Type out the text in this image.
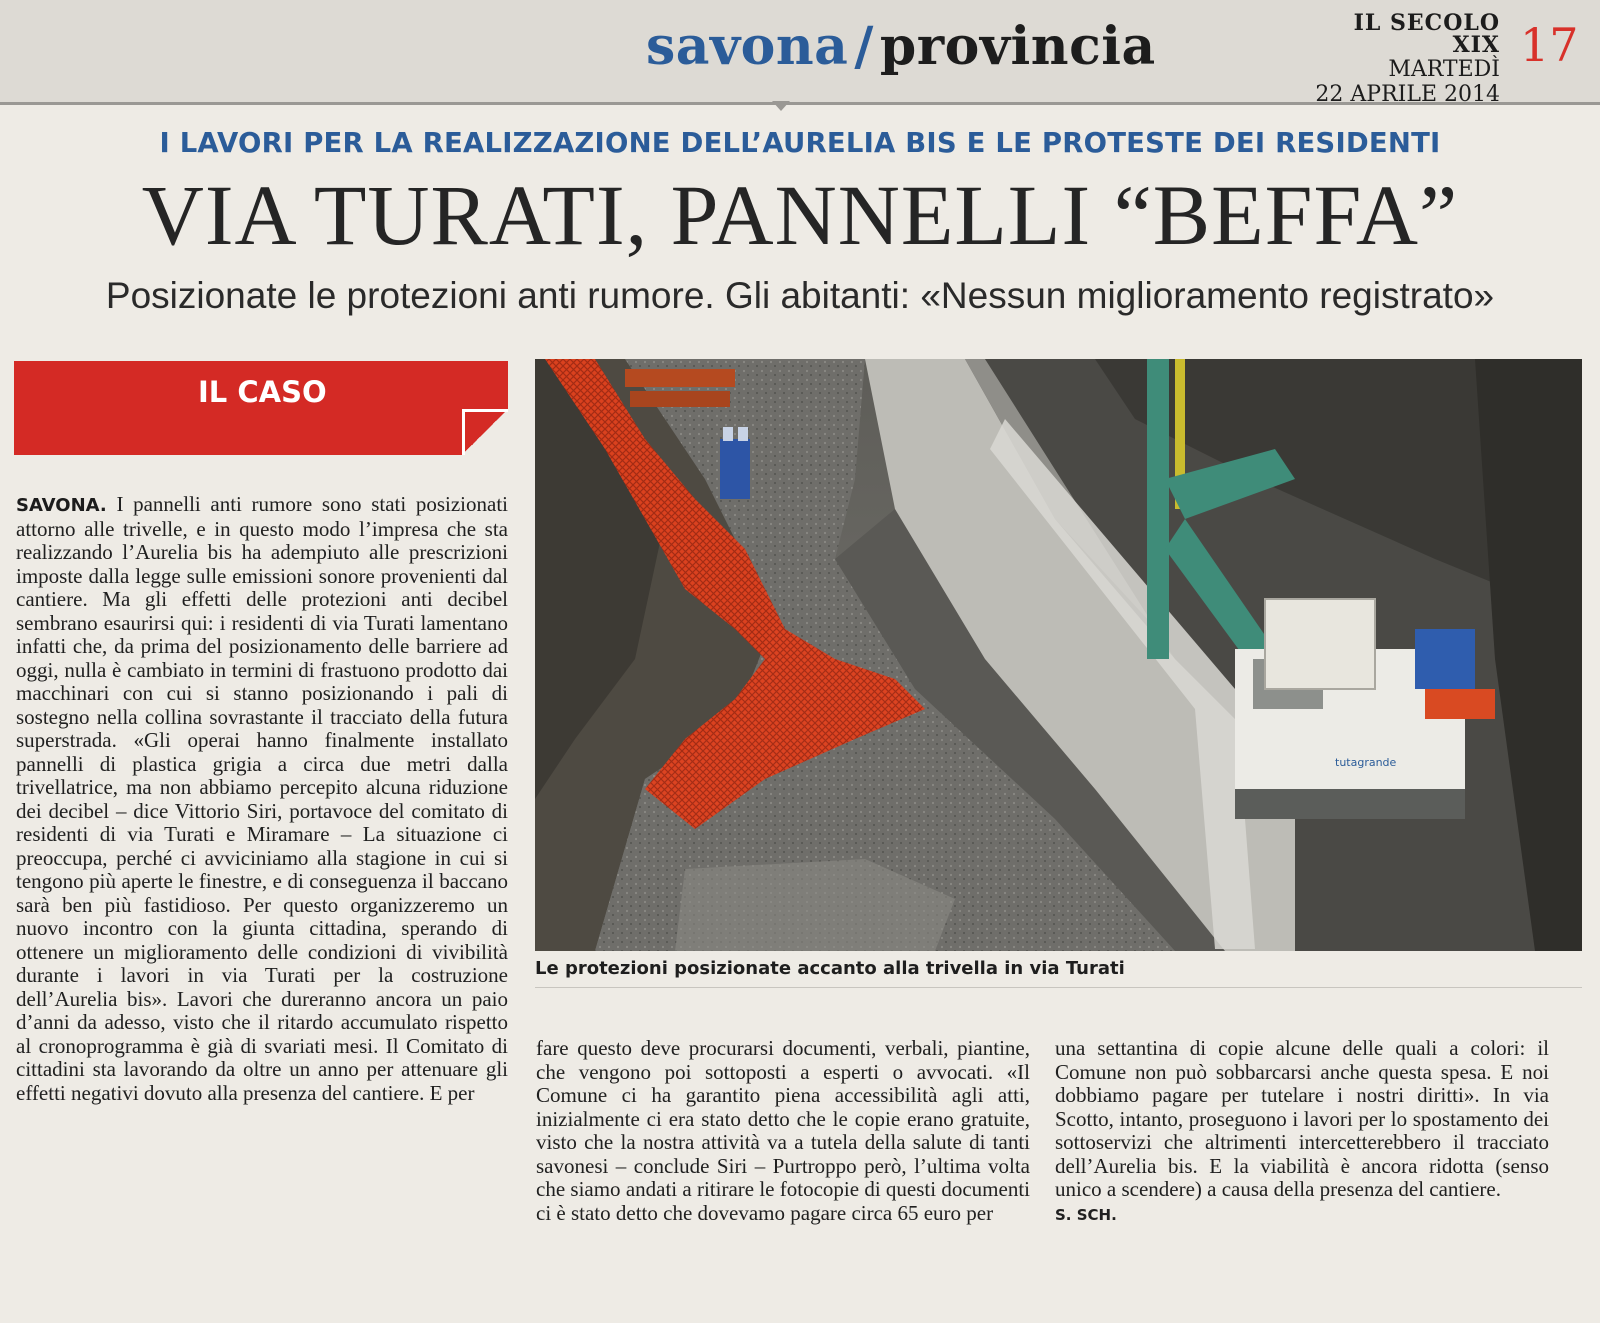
savona / provincia	IL SECOLO XIX
MARTEDÌ
22 APRILE 2014
17
I LAVORI PER LA REALIZZAZIONE DELL’AURELIA BIS E LE PROTESTE DEI RESIDENTI
VIA TURATI, PANNELLI “BEFFA”
Posizionate le protezioni anti rumore. Gli abitanti: «Nessun miglioramento registrato»
IL CASO
SAVONA. I pannelli anti rumore sono stati posizionati attorno alle trivelle, e in questo modo l’impresa che sta realizzando l’Aurelia bis ha adempiuto alle prescrizioni imposte dalla legge sulle emissioni sonore provenienti dal cantiere. Ma gli effetti delle protezioni anti decibel sembrano esaurirsi qui: i residenti di via Turati lamentano infatti che, da prima del posizionamento delle barriere ad oggi, nulla è cambiato in termini di frastuono prodotto dai macchinari con cui si stanno posizionando i pali di sostegno nella collina sovrastante il tracciato della futura superstrada. «Gli operai hanno finalmente installato pannelli di plastica grigia a circa due metri dalla trivellatrice, ma non abbiamo percepito alcuna riduzione dei decibel – dice Vittorio Siri, portavoce del comitato di residenti di via Turati e Miramare – La situazione ci preoccupa, perché ci avviciniamo alla stagione in cui si tengono più aperte le finestre, e di conseguenza il baccano sarà ben più fastidioso. Per questo organizzeremo un nuovo incontro con la giunta cittadina, sperando di ottenere un miglioramento delle condizioni di vivibilità durante i lavori in via Turati per la costruzione dell’Aurelia bis». Lavori che dureranno ancora un paio d’anni da adesso, visto che il ritardo accumulato rispetto al cronoprogramma è già di svariati mesi. Il Comitato di cittadini sta lavorando da oltre un anno per attenuare gli effetti negativi dovuto alla presenza del cantiere. E per
tutagrande
Le protezioni posizionate accanto alla trivella in via Turati
fare questo deve procurarsi documenti, verbali, piantine, che vengono poi sottoposti a esperti o avvocati. «Il Comune ci ha garantito piena accessibilità agli atti, inizialmente ci era stato detto che le copie erano gratuite, visto che la nostra attività va a tutela della salute di tanti savonesi – conclude Siri – Purtroppo però, l’ultima volta che siamo andati a ritirare le fotocopie di questi documenti ci è stato detto che dovevamo pagare circa 65 euro per
una settantina di copie alcune delle quali a colori: il Comune non può sobbarcarsi anche questa spesa. E noi dobbiamo pagare per tutelare i nostri diritti». In via Scotto, intanto, proseguono i lavori per lo spostamento dei sottoservizi che altrimenti intercetterebbero il tracciato dell’Aurelia bis. E la viabilità è ancora ridotta (senso unico a scendere) a causa della presenza del cantiere.
S. SCH.
